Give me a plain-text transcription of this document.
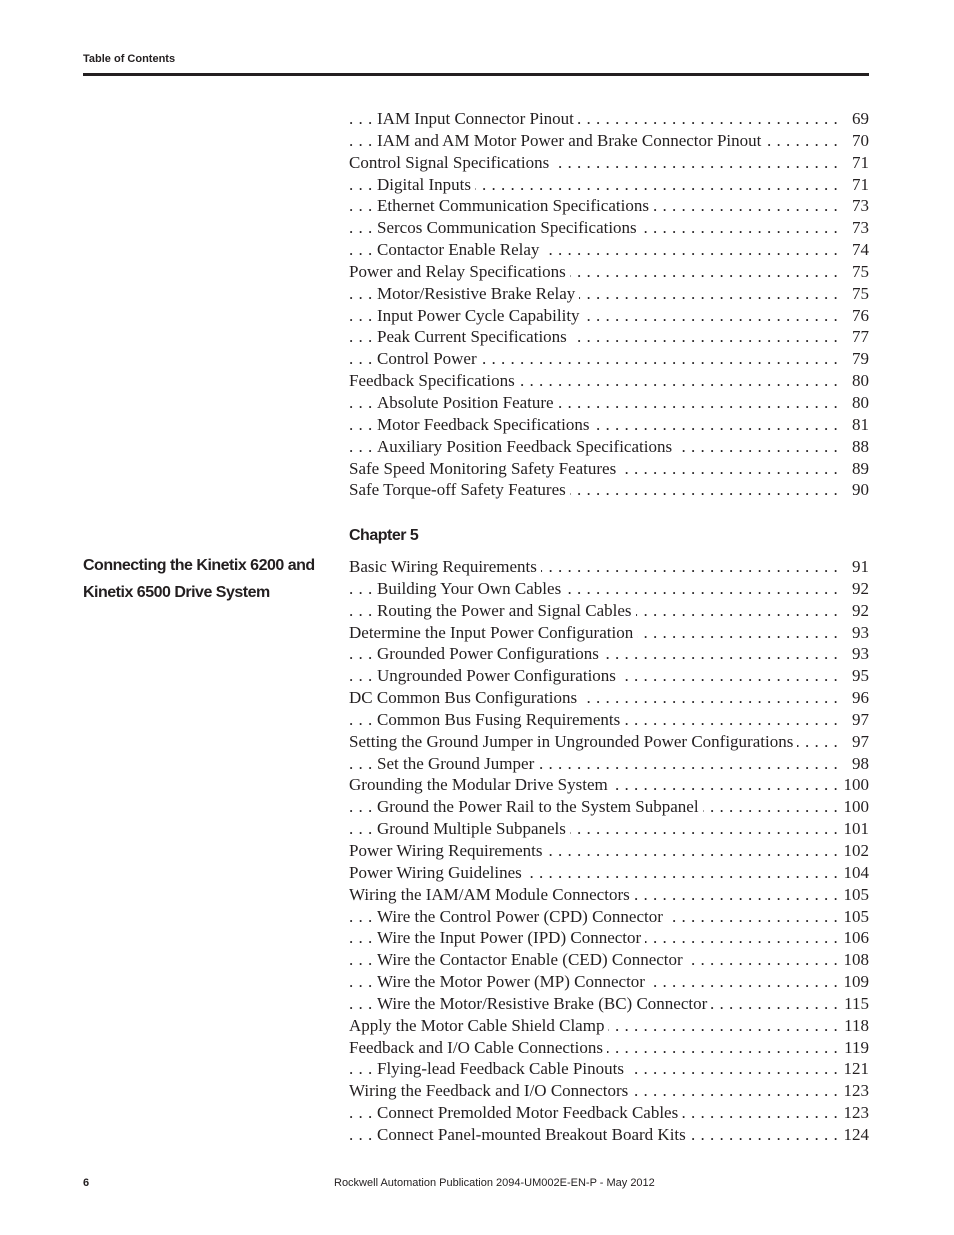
Table of Contents
. . . IAM Input Connector Pinout	69
. . . IAM and AM Motor Power and Brake Connector Pinout	70
. . . Control Signal Specifications	71
. . . Digital Inputs	71
. . . Ethernet Communication Specifications	73
. . . Sercos Communication Specifications	73
. . . Contactor Enable Relay	74
. . . Power and Relay Specifications	75
. . . Motor/Resistive Brake Relay	75
. . . Input Power Cycle Capability	76
. . . Peak Current Specifications	77
. . . Control Power	79
. . . Feedback Specifications	80
. . . Absolute Position Feature	80
. . . Motor Feedback Specifications	81
. . . Auxiliary Position Feedback Specifications	88
. . . Safe Speed Monitoring Safety Features	89
. . . Safe Torque-off Safety Features	90
Chapter 5
Connecting the Kinetix 6200 and Kinetix 6500 Drive System
. . . Basic Wiring Requirements	91
. . . Building Your Own Cables	92
. . . Routing the Power and Signal Cables	92
. . . Determine the Input Power Configuration	93
. . . Grounded Power Configurations	93
. . . Ungrounded Power Configurations	95
. . . DC Common Bus Configurations	96
. . . Common Bus Fusing Requirements	97
. . . Setting the Ground Jumper in Ungrounded Power Configurations	97
. . . Set the Ground Jumper	98
. . . Grounding the Modular Drive System	100
. . . Ground the Power Rail to the System Subpanel	100
. . . Ground Multiple Subpanels	101
. . . Power Wiring Requirements	102
. . . Power Wiring Guidelines	104
. . . Wiring the IAM/AM Module Connectors	105
. . . Wire the Control Power (CPD) Connector	105
. . . Wire the Input Power (IPD) Connector	106
. . . Wire the Contactor Enable (CED) Connector	108
. . . Wire the Motor Power (MP) Connector	109
. . . Wire the Motor/Resistive Brake (BC) Connector	115
. . . Apply the Motor Cable Shield Clamp	118
. . . Feedback and I/O Cable Connections	119
. . . Flying-lead Feedback Cable Pinouts	121
. . . Wiring the Feedback and I/O Connectors	123
. . . Connect Premolded Motor Feedback Cables	123
. . . Connect Panel-mounted Breakout Board Kits	124
6	Rockwell Automation Publication 2094-UM002E-EN-P - May 2012
